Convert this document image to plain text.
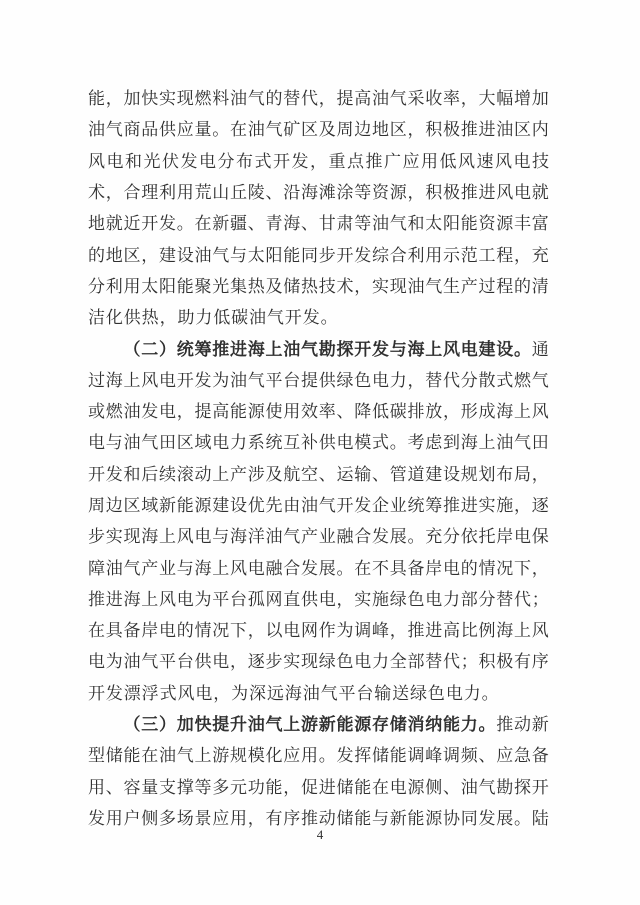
能 ， 加 快 实 现 燃 料 油 气 的 替 代 ， 提 高 油 气 采 收 率 ， 大 幅 增 加
油 气 商 品 供 应 量 。 在 油 气 矿 区 及 周 边 地 区 ， 积 极 推 进 油 区 内
风 电 和 光 伏 发 电 分 布 式 开 发 ， 重 点 推 广 应 用 低 风 速 风 电 技
术 ， 合 理 利 用 荒 山 丘 陵 、 沿 海 滩 涂 等 资 源 ， 积 极 推 进 风 电 就
地 就 近 开 发 。 在 新 疆 、 青 海 、 甘 肃 等 油 气 和 太 阳 能 资 源 丰 富
的 地 区 ， 建 设 油 气 与 太 阳 能 同 步 开 发 综 合 利 用 示 范 工 程 ， 充
分 利 用 太 阳 能 聚 光 集 热 及 储 热 技 术 ， 实 现 油 气 生 产 过 程 的 清
洁 化 供 热 ， 助 力 低 碳 油 气 开 发 。
（ 二 ） 统 筹 推 进 海 上 油 气 勘 探 开 发 与 海 上 风 电 建 设 。 通
过 海 上 风 电 开 发 为 油 气 平 台 提 供 绿 色 电 力 ， 替 代 分 散 式 燃 气
或 燃 油 发 电 ， 提 高 能 源 使 用 效 率 、 降 低 碳 排 放 ， 形 成 海 上 风
电 与 油 气 田 区 域 电 力 系 统 互 补 供 电 模 式 。 考 虑 到 海 上 油 气 田
开 发 和 后 续 滚 动 上 产 涉 及 航 空 、 运 输 、 管 道 建 设 规 划 布 局 ，
周 边 区 域 新 能 源 建 设 优 先 由 油 气 开 发 企 业 统 筹 推 进 实 施 ， 逐
步 实 现 海 上 风 电 与 海 洋 油 气 产 业 融 合 发 展 。 充 分 依 托 岸 电 保
障 油 气 产 业 与 海 上 风 电 融 合 发 展 。 在 不 具 备 岸 电 的 情 况 下 ，
推 进 海 上 风 电 为 平 台 孤 网 直 供 电 ， 实 施 绿 色 电 力 部 分 替 代 ；
在 具 备 岸 电 的 情 况 下 ， 以 电 网 作 为 调 峰 ， 推 进 高 比 例 海 上 风
电 为 油 气 平 台 供 电 ， 逐 步 实 现 绿 色 电 力 全 部 替 代 ； 积 极 有 序
开 发 漂 浮 式 风 电 ， 为 深 远 海 油 气 平 台 输 送 绿 色 电 力 。
（ 三 ） 加 快 提 升 油 气 上 游 新 能 源 存 储 消 纳 能 力 。 推 动 新
型 储 能 在 油 气 上 游 规 模 化 应 用 。 发 挥 储 能 调 峰 调 频 、 应 急 备
用 、 容 量 支 撑 等 多 元 功 能 ， 促 进 储 能 在 电 源 侧 、 油 气 勘 探 开
发 用 户 侧 多 场 景 应 用 ， 有 序 推 动 储 能 与 新 能 源 协 同 发 展 。 陆
4
